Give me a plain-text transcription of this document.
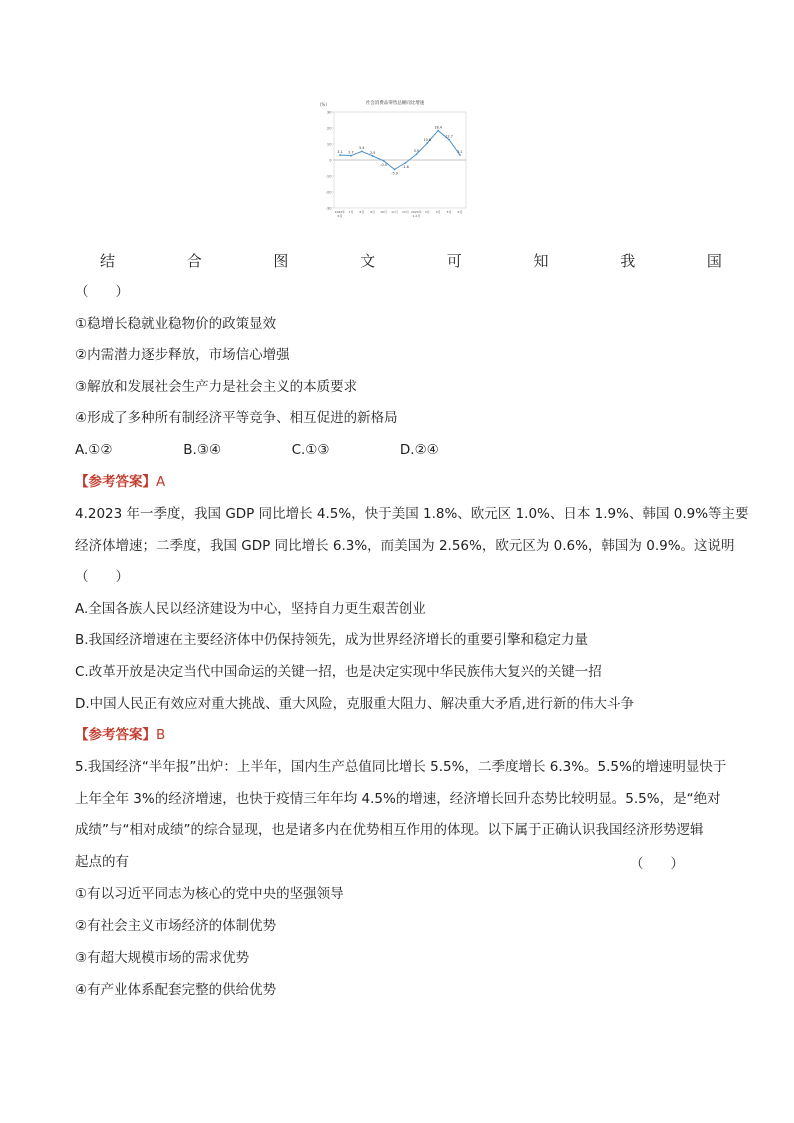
社会消费品零售总额同比增速
(%)
30
20
10
0
-10
-20
-30
2022年
6月
7月 8月 9月 10月 11月 12月 2023年
1-2月
3月 4月 5月 6月
3.1 2.7
5.4
2.5
-0.5
-5.9
-1.8
3.5
10.6
18.4
12.7
3.1
结	合	图	文	可	知	我	国
（　　）
①稳增长稳就业稳物价的政策显效
②内需潜力逐步释放，市场信心增强
③解放和发展社会生产力是社会主义的本质要求
④形成了多种所有制经济平等竞争、相互促进的新格局
A.①②	B.③④	C.①③	D.②④
【参考答案】A
4.2023 年一季度，我国 GDP 同比增长 4.5%，快于美国 1.8%、欧元区 1.0%、日本 1.9%、韩国 0.9%等主要
经济体增速；二季度，我国 GDP 同比增长 6.3%，而美国为 2.56%，欧元区为 0.6%，韩国为 0.9%。这说明
（　　）
A.全国各族人民以经济建设为中心，坚持自力更生艰苦创业
B.我国经济增速在主要经济体中仍保持领先，成为世界经济增长的重要引擎和稳定力量
C.改革开放是决定当代中国命运的关键一招，也是决定实现中华民族伟大复兴的关键一招
D.中国人民正有效应对重大挑战、重大风险，克服重大阻力、解决重大矛盾,进行新的伟大斗争
【参考答案】B
5.我国经济“半年报”出炉：上半年，国内生产总值同比增长 5.5%，二季度增长 6.3%。5.5%的增速明显快于
上年全年 3%的经济增速，也快于疫情三年年均 4.5%的增速，经济增长回升态势比较明显。5.5%，是“绝对
成绩”与“相对成绩”的综合显现，也是诸多内在优势相互作用的体现。以下属于正确认识我国经济形势逻辑
起点的有	（　　）
①有以习近平同志为核心的党中央的坚强领导
②有社会主义市场经济的体制优势
③有超大规模市场的需求优势
④有产业体系配套完整的供给优势
